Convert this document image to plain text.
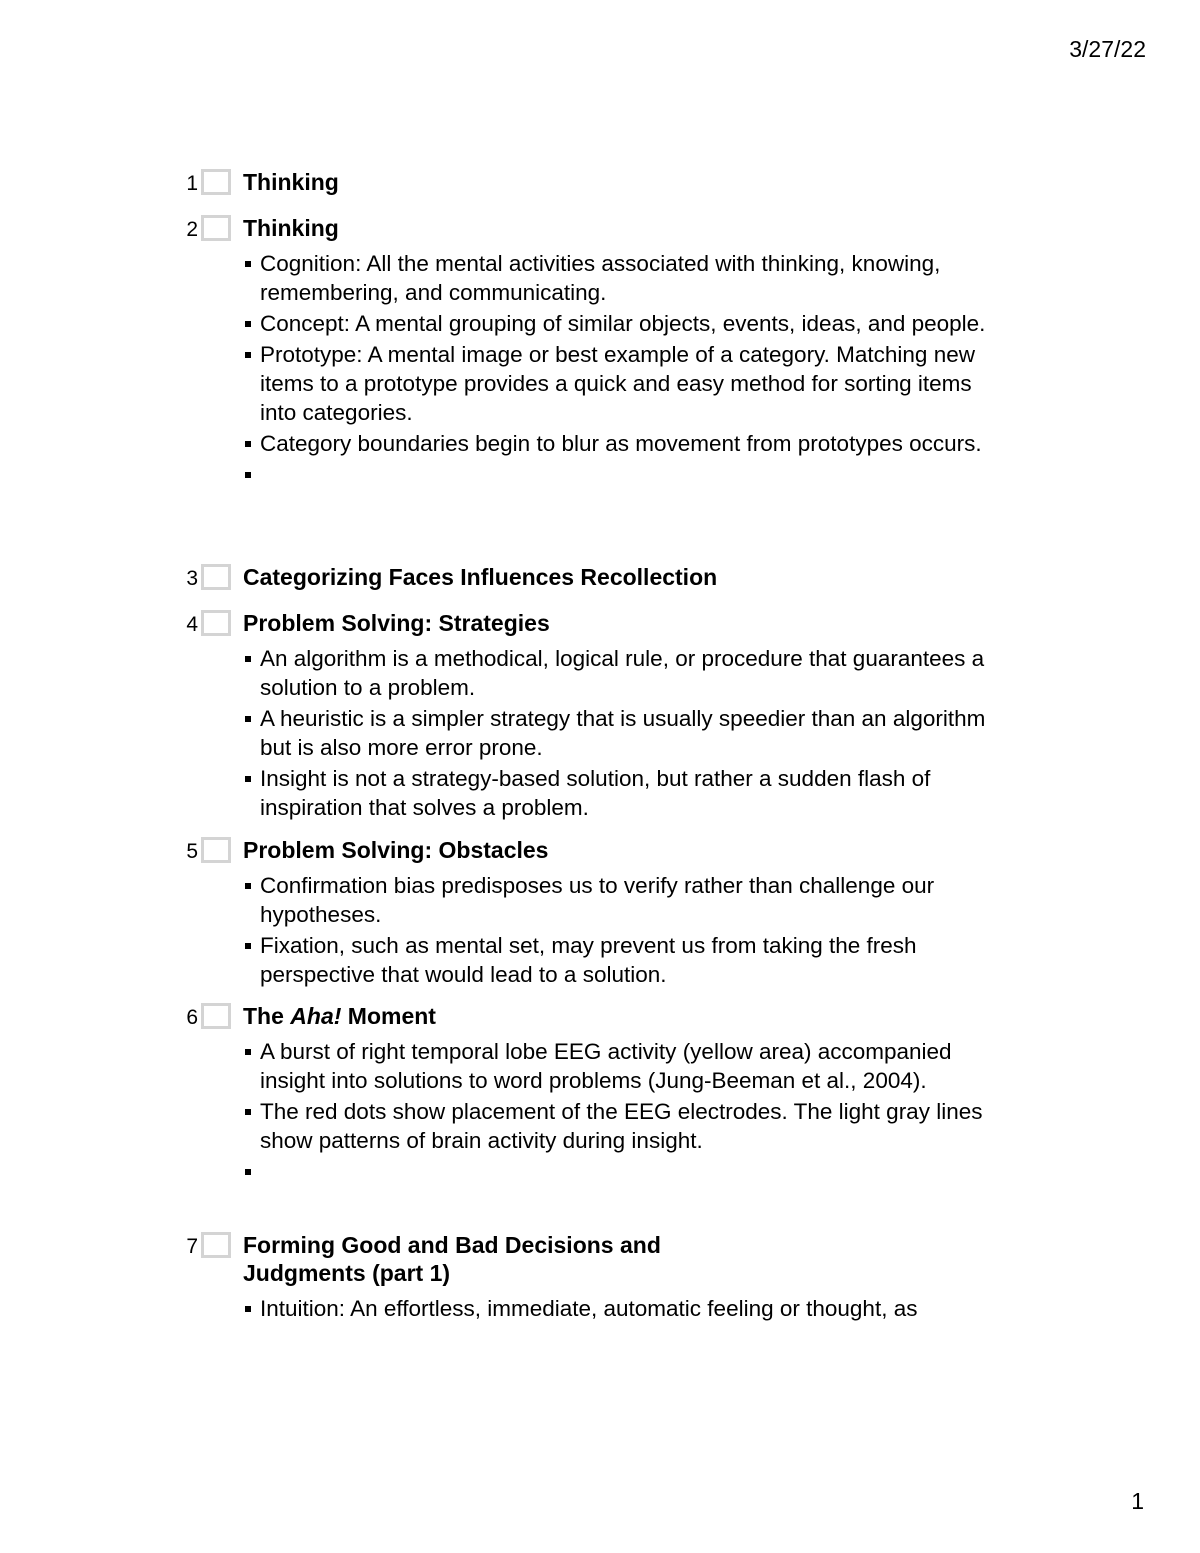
3/27/22
1 Thinking
2 Thinking
Cognition: All the mental activities associated with thinking, knowing, remembering, and communicating.
Concept: A mental grouping of similar objects, events, ideas, and people.
Prototype: A mental image or best example of a category. Matching new items to a prototype provides a quick and easy method for sorting items into categories.
Category boundaries begin to blur as movement from prototypes occurs.
3 Categorizing Faces Influences Recollection
4 Problem Solving: Strategies
An algorithm is a methodical, logical rule, or procedure that guarantees a solution to a problem.
A heuristic is a simpler strategy that is usually speedier than an algorithm but is also more error prone.
Insight is not a strategy-based solution, but rather a sudden flash of inspiration that solves a problem.
5 Problem Solving: Obstacles
Confirmation bias predisposes us to verify rather than challenge our hypotheses.
Fixation, such as mental set, may prevent us from taking the fresh perspective that would lead to a solution.
6 The Aha! Moment
A burst of right temporal lobe EEG activity (yellow area) accompanied insight into solutions to word problems (Jung-Beeman et al., 2004).
The red dots show placement of the EEG electrodes. The light gray lines show patterns of brain activity during insight.
7 Forming Good and Bad Decisions and
Judgments (part 1)
Intuition: An effortless, immediate, automatic feeling or thought, as
1
